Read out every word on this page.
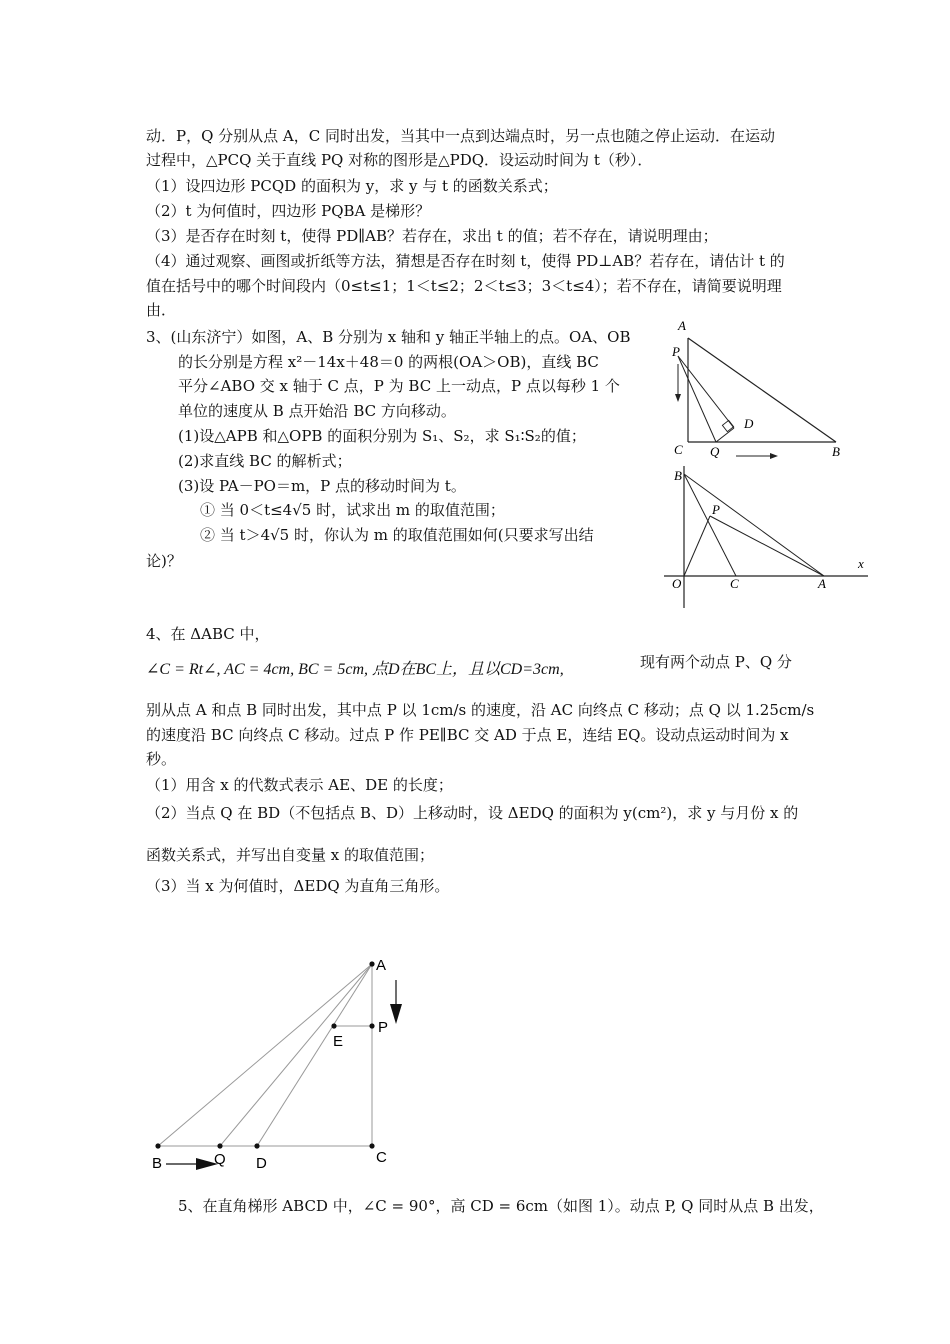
动．P，Q 分别从点 A，C 同时出发，当其中一点到达端点时，另一点也随之停止运动．在运动
过程中，△PCQ 关于直线 PQ 对称的图形是△PDQ．设运动时间为 t（秒）．
（1）设四边形 PCQD 的面积为 y，求 y 与 t 的函数关系式；
（2）t 为何值时，四边形 PQBA 是梯形？
（3）是否存在时刻 t，使得 PD∥AB？若存在，求出 t 的值；若不存在，请说明理由；
（4）通过观察、画图或折纸等方法，猜想是否存在时刻 t，使得 PD⊥AB？若存在，请估计 t 的
值在括号中的哪个时间段内（0≤t≤1；1＜t≤2；2＜t≤3；3＜t≤4）；若不存在，请简要说明理
由．
3、(山东济宁）如图，A、B 分别为 x 轴和 y 轴正半轴上的点。OA、OB
的长分别是方程 x²－14x＋48＝0 的两根(OA＞OB)，直线 BC
平分∠ABO 交 x 轴于 C 点，P 为 BC 上一动点，P 点以每秒 1 个
单位的速度从 B 点开始沿 BC 方向移动。
(1)设△APB 和△OPB 的面积分别为 S₁、S₂，求 S₁∶S₂的值；
(2)求直线 BC 的解析式；
(3)设 PA－PO＝m，P 点的移动时间为 t。
① 当 0＜t≤4√5 时，试求出 m 的取值范围；
② 当 t＞4√5 时，你认为 m 的取值范围如何(只要求写出结
论)？
A
P
D
C Q	B
B
P
O	C	A
x
4、在 ΔABC 中，
∠C = Rt∠, AC = 4cm, BC = 5cm, 点D在BC上，且以CD=3cm,	现有两个动点 P、Q 分
别从点 A 和点 B 同时出发，其中点 P 以 1cm/s 的速度，沿 AC 向终点 C 移动；点 Q 以 1.25cm/s
的速度沿 BC 向终点 C 移动。过点 P 作 PE∥BC 交 AD 于点 E，连结 EQ。设动点运动时间为 x
秒。
（1）用含 x 的代数式表示 AE、DE 的长度；
（2）当点 Q 在 BD（不包括点 B、D）上移动时，设 ΔEDQ 的面积为 y(cm²)，求 y 与月份 x 的
函数关系式，并写出自变量 x 的取值范围；
（3）当 x 为何值时，ΔEDQ 为直角三角形。
A
E
P
B	Q D	C
5、在直角梯形 ABCD 中，∠C = 90°，高 CD = 6cm（如图 1）。动点 P, Q 同时从点 B 出发，
